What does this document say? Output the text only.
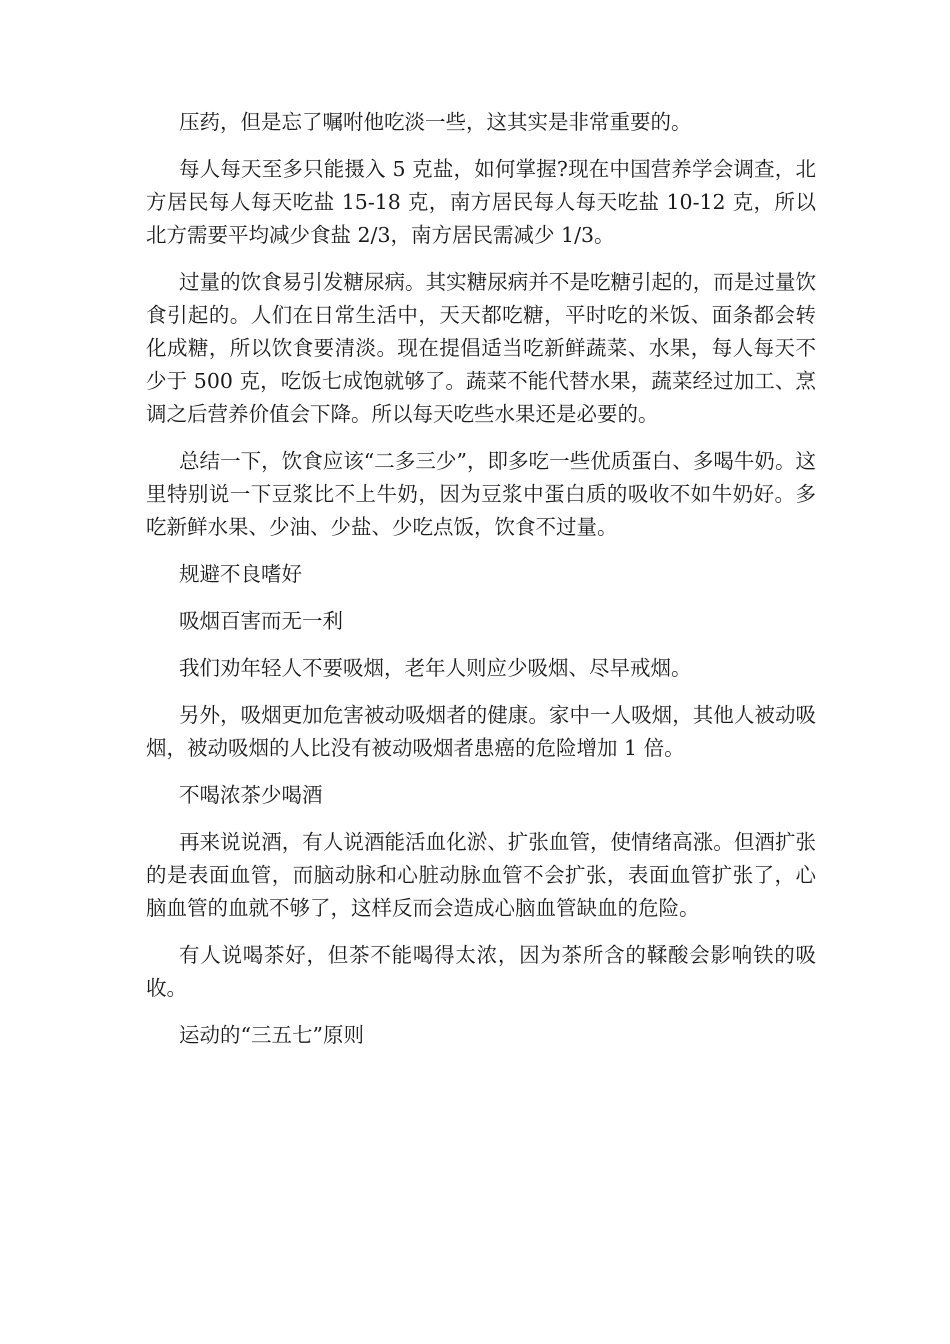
压药，但是忘了嘱咐他吃淡一些，这其实是非常重要的。

每人每天至多只能摄入 5 克盐，如何掌握?现在中国营养学会调查，北方居民每人每天吃盐 15-18 克，南方居民每人每天吃盐 10-12 克，所以北方需要平均减少食盐 2/3，南方居民需减少 1/3。

过量的饮食易引发糖尿病。其实糖尿病并不是吃糖引起的，而是过量饮食引起的。人们在日常生活中，天天都吃糖，平时吃的米饭、面条都会转化成糖，所以饮食要清淡。现在提倡适当吃新鲜蔬菜、水果，每人每天不少于 500 克，吃饭七成饱就够了。蔬菜不能代替水果，蔬菜经过加工、烹调之后营养价值会下降。所以每天吃些水果还是必要的。

总结一下，饮食应该“二多三少”，即多吃一些优质蛋白、多喝牛奶。这里特别说一下豆浆比不上牛奶，因为豆浆中蛋白质的吸收不如牛奶好。多吃新鲜水果、少油、少盐、少吃点饭，饮食不过量。

规避不良嗜好

吸烟百害而无一利

我们劝年轻人不要吸烟，老年人则应少吸烟、尽早戒烟。

另外，吸烟更加危害被动吸烟者的健康。家中一人吸烟，其他人被动吸烟，被动吸烟的人比没有被动吸烟者患癌的危险增加 1 倍。

不喝浓茶少喝酒

再来说说酒，有人说酒能活血化淤、扩张血管，使情绪高涨。但酒扩张的是表面血管，而脑动脉和心脏动脉血管不会扩张，表面血管扩张了，心脑血管的血就不够了，这样反而会造成心脑血管缺血的危险。

有人说喝茶好，但茶不能喝得太浓，因为茶所含的鞣酸会影响铁的吸收。

运动的“三五七”原则
